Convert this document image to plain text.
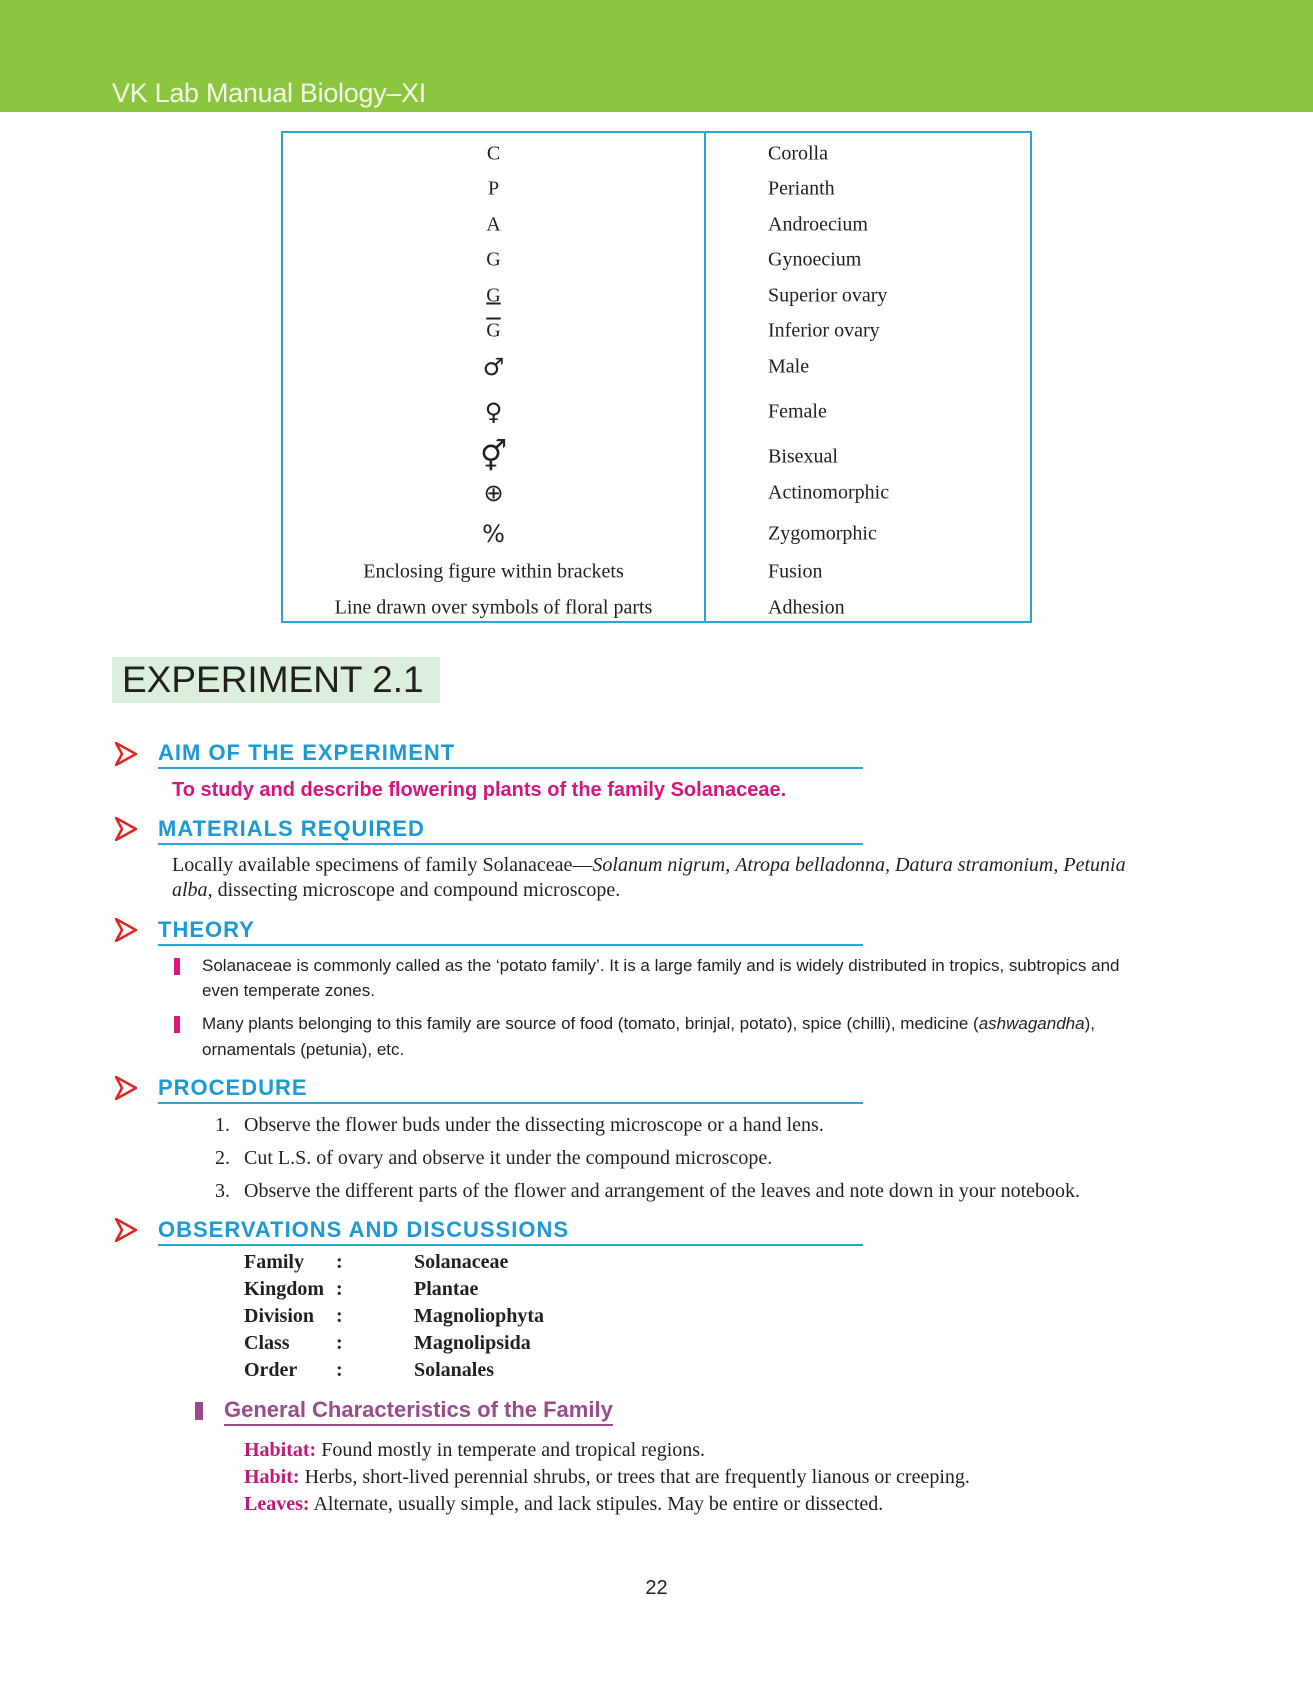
VK Lab Manual Biology–XI
C	Corolla
P	Perianth
A	Androecium
G	Gynoecium
G	Superior ovary
$\overline{G}$	Inferior ovary
♂	Male
♀	Female
⚥	Bisexual
⊕	Actinomorphic
%	Zygomorphic
Enclosing figure within brackets	Fusion
Line drawn over symbols of floral parts	Adhesion
EXPERIMENT 2.1
AIM OF THE EXPERIMENT
To study and describe flowering plants of the family Solanaceae.
MATERIALS REQUIRED
Locally available specimens of family Solanaceae—Solanum nigrum, Atropa belladonna, Datura stramonium, Petunia
alba, dissecting microscope and compound microscope.
THEORY
Solanaceae is commonly called as the ‘potato family’. It is a large family and is widely distributed in tropics, subtropics and
even temperate zones.
Many plants belonging to this family are source of food (tomato, brinjal, potato), spice (chilli), medicine (ashwagandha),
ornamentals (petunia), etc.
PROCEDURE
1. Observe the flower buds under the dissecting microscope or a hand lens.
2. Cut L.S. of ovary and observe it under the compound microscope.
3. Observe the different parts of the flower and arrangement of the leaves and note down in your notebook.
OBSERVATIONS AND DISCUSSIONS
Family :	Solanaceae
Kingdom :	Plantae
Division :	Magnoliophyta
Class :	Magnolipsida
Order :	Solanales
General Characteristics of the Family
Habitat: Found mostly in temperate and tropical regions.
Habit: Herbs, short-lived perennial shrubs, or trees that are frequently lianous or creeping.
Leaves: Alternate, usually simple, and lack stipules. May be entire or dissected.
22
